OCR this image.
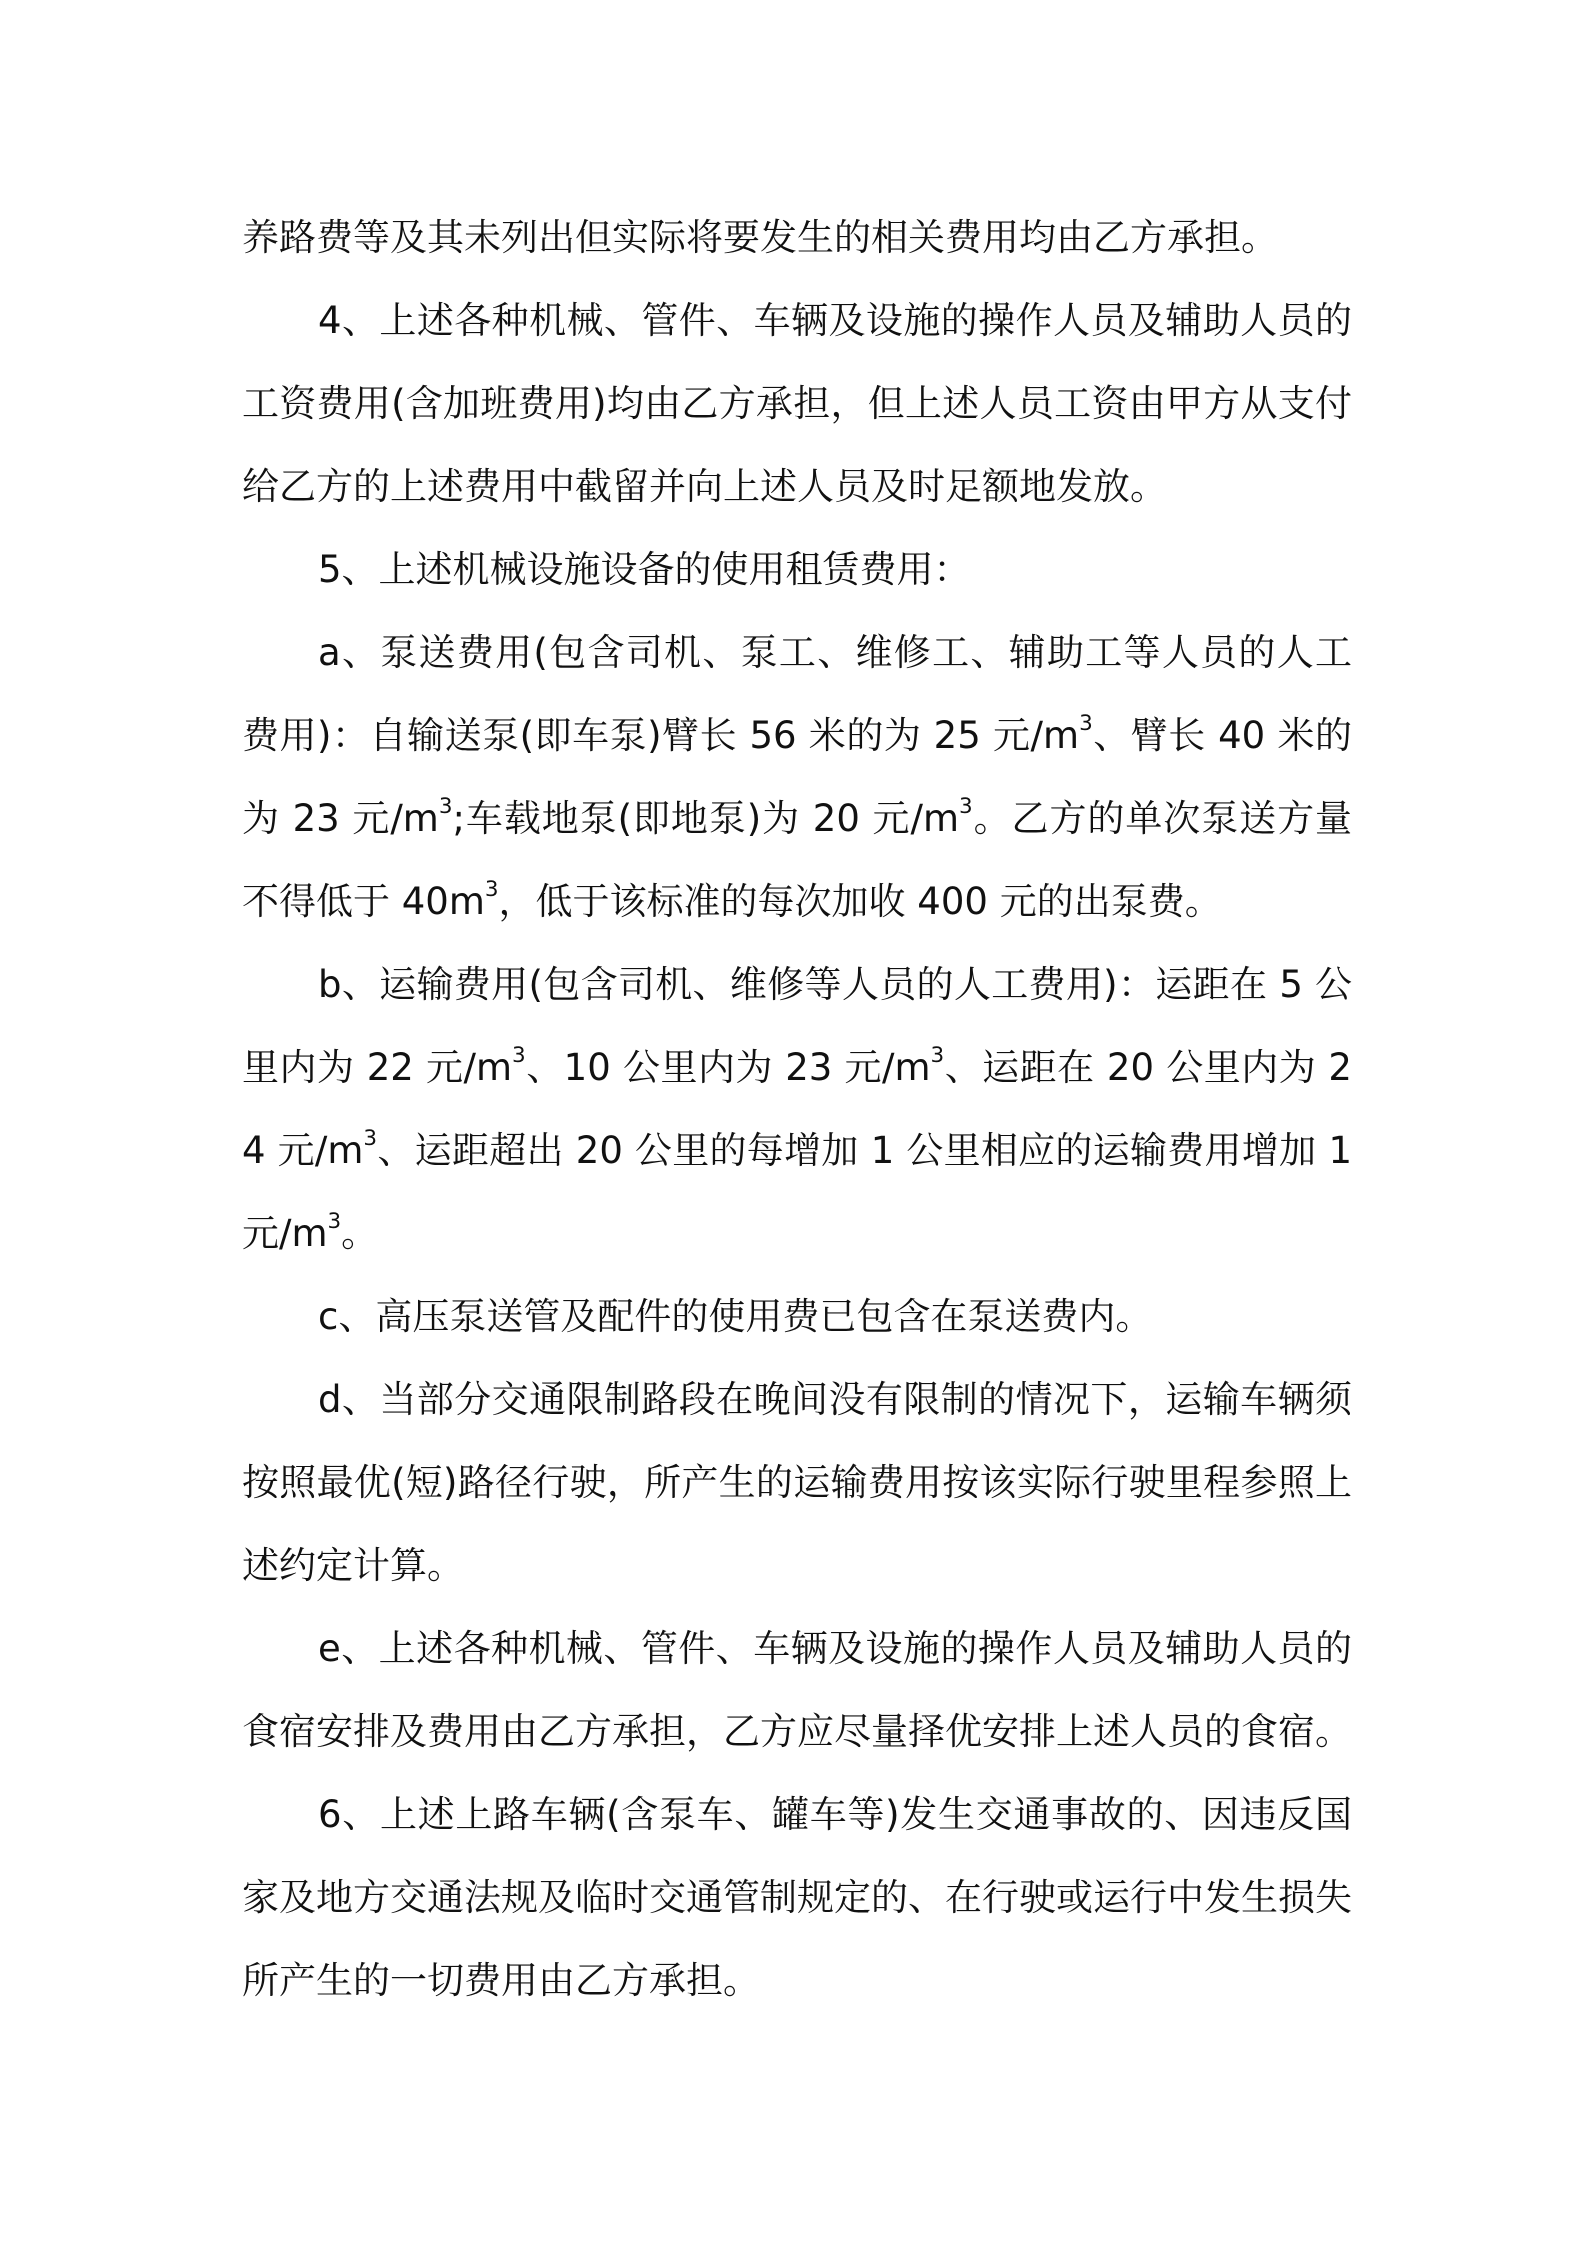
养路费等及其未列出但实际将要发生的相关费用均由乙方承担。

4、上述各种机械、管件、车辆及设施的操作人员及辅助人员的工资费用(含加班费用)均由乙方承担，但上述人员工资由甲方从支付给乙方的上述费用中截留并向上述人员及时足额地发放。

5、上述机械设施设备的使用租赁费用：

a、泵送费用(包含司机、泵工、维修工、辅助工等人员的人工费用)：自输送泵(即车泵)臂长 56 米的为 25 元$/m^3$、臂长 40 米的为 23 元$/m^3$;车载地泵(即地泵)为 20 元$/m^3$。乙方的单次泵送方量不得低于 $40m^3$，低于该标准的每次加收 400 元的出泵费。

b、运输费用(包含司机、维修等人员的人工费用)：运距在 5 公里内为 22 元$/m^3$、10 公里内为 23 元$/m^3$、运距在 20 公里内为 24 元$/m^3$、运距超出 20 公里的每增加 1 公里相应的运输费用增加 1 元$/m^3$。

c、高压泵送管及配件的使用费已包含在泵送费内。

d、当部分交通限制路段在晚间没有限制的情况下，运输车辆须按照最优(短)路径行驶，所产生的运输费用按该实际行驶里程参照上述约定计算。

e、上述各种机械、管件、车辆及设施的操作人员及辅助人员的食宿安排及费用由乙方承担，乙方应尽量择优安排上述人员的食宿。

6、上述上路车辆(含泵车、罐车等)发生交通事故的、因违反国家及地方交通法规及临时交通管制规定的、在行驶或运行中发生损失所产生的一切费用由乙方承担。
